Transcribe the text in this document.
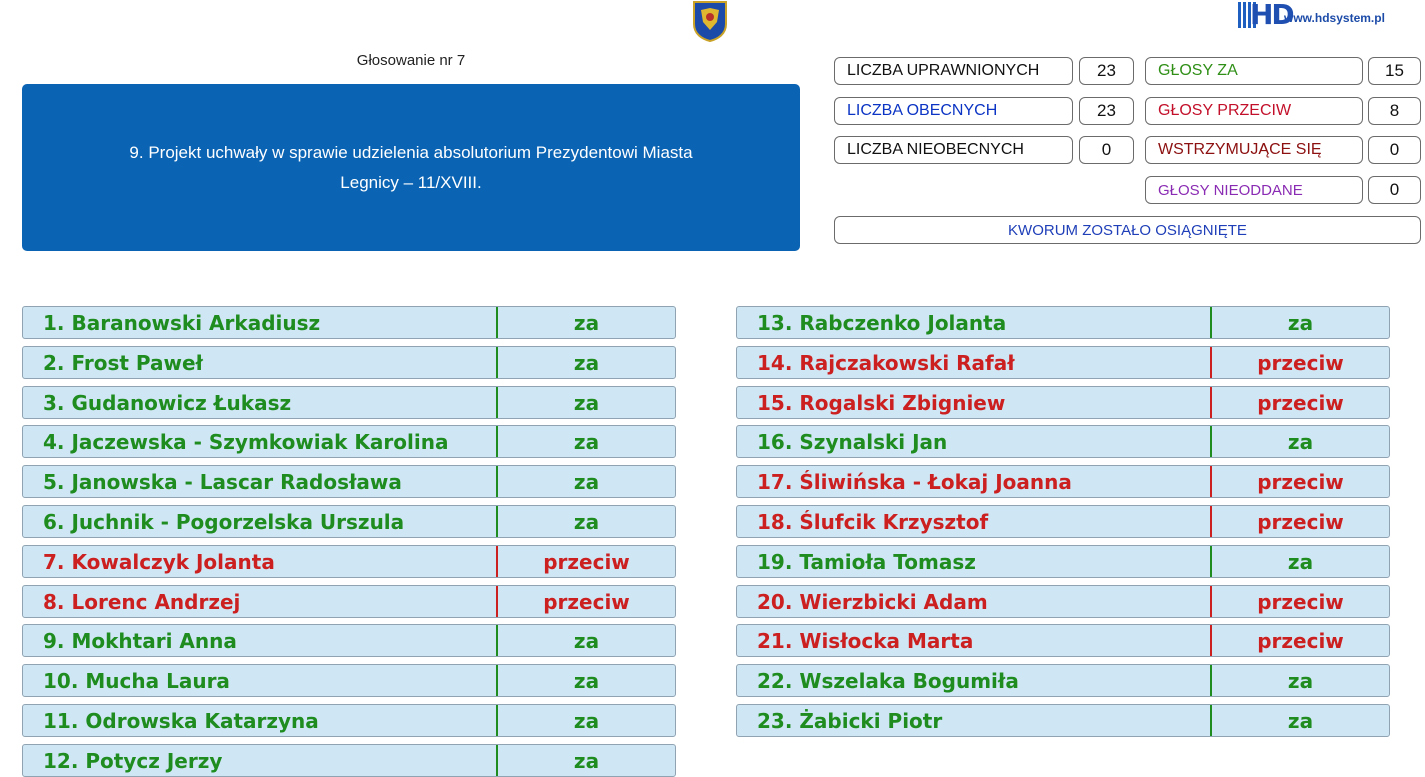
HD
www.hdsystem.pl
Głosowanie nr 7
9. Projekt uchwały w sprawie udzielenia absolutorium Prezydentowi Miasta
Legnicy – 11/XVIII.
LICZBA UPRAWNIONYCH	23
LICZBA OBECNYCH	23
LICZBA NIEOBECNYCH	0
GŁOSY ZA	15
GŁOSY PRZECIW	8
WSTRZYMUJĄCE SIĘ	0
GŁOSY NIEODDANE	0
KWORUM ZOSTAŁO OSIĄGNIĘTE
1. Baranowski Arkadiusz	za
2. Frost Paweł	za
3. Gudanowicz Łukasz	za
4. Jaczewska - Szymkowiak Karolina	za
5. Janowska - Lascar Radosława	za
6. Juchnik - Pogorzelska Urszula	za
7. Kowalczyk Jolanta	przeciw
8. Lorenc Andrzej	przeciw
9. Mokhtari Anna	za
10. Mucha Laura	za
11. Odrowska Katarzyna	za
12. Potycz Jerzy	za
13. Rabczenko Jolanta	za
14. Rajczakowski Rafał	przeciw
15. Rogalski Zbigniew	przeciw
16. Szynalski Jan	za
17. Śliwińska - Łokaj Joanna	przeciw
18. Ślufcik Krzysztof	przeciw
19. Tamioła Tomasz	za
20. Wierzbicki Adam	przeciw
21. Wisłocka Marta	przeciw
22. Wszelaka Bogumiła	za
23. Żabicki Piotr	za
